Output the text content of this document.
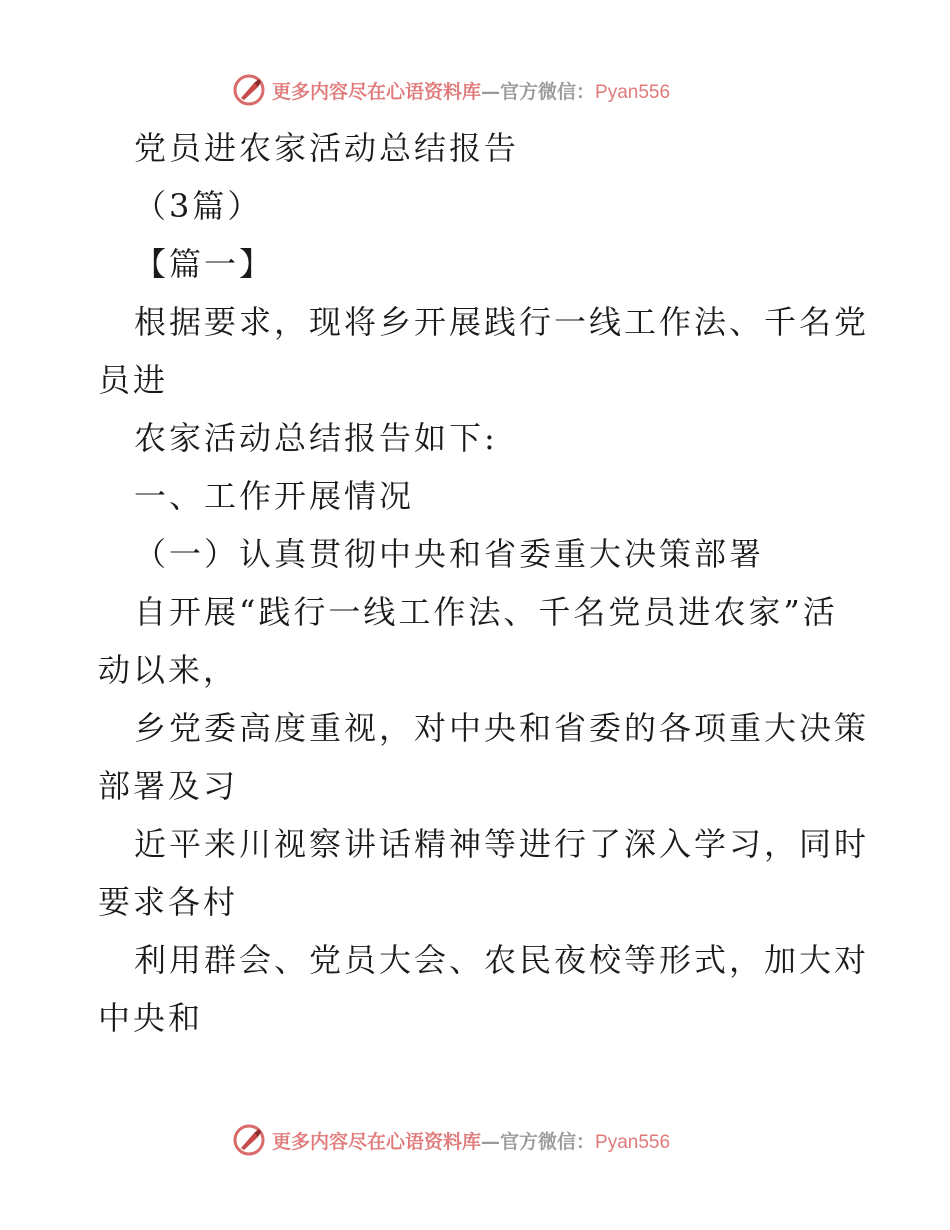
更多内容尽在心语资料库—官方微信：Pyan556
党员进农家活动总结报告
（3篇）
【篇一】
根据要求，现将乡开展践行一线工作法、千名党
员进
农家活动总结报告如下:
一、工作开展情况
（一）认真贯彻中央和省委重大决策部署
自开展“践行一线工作法、千名党员进农家”活
动以来，
乡党委高度重视，对中央和省委的各项重大决策
部署及习
近平来川视察讲话精神等进行了深入学习，同时
要求各村
利用群会、党员大会、农民夜校等形式，加大对
中央和
更多内容尽在心语资料库—官方微信：Pyan556
